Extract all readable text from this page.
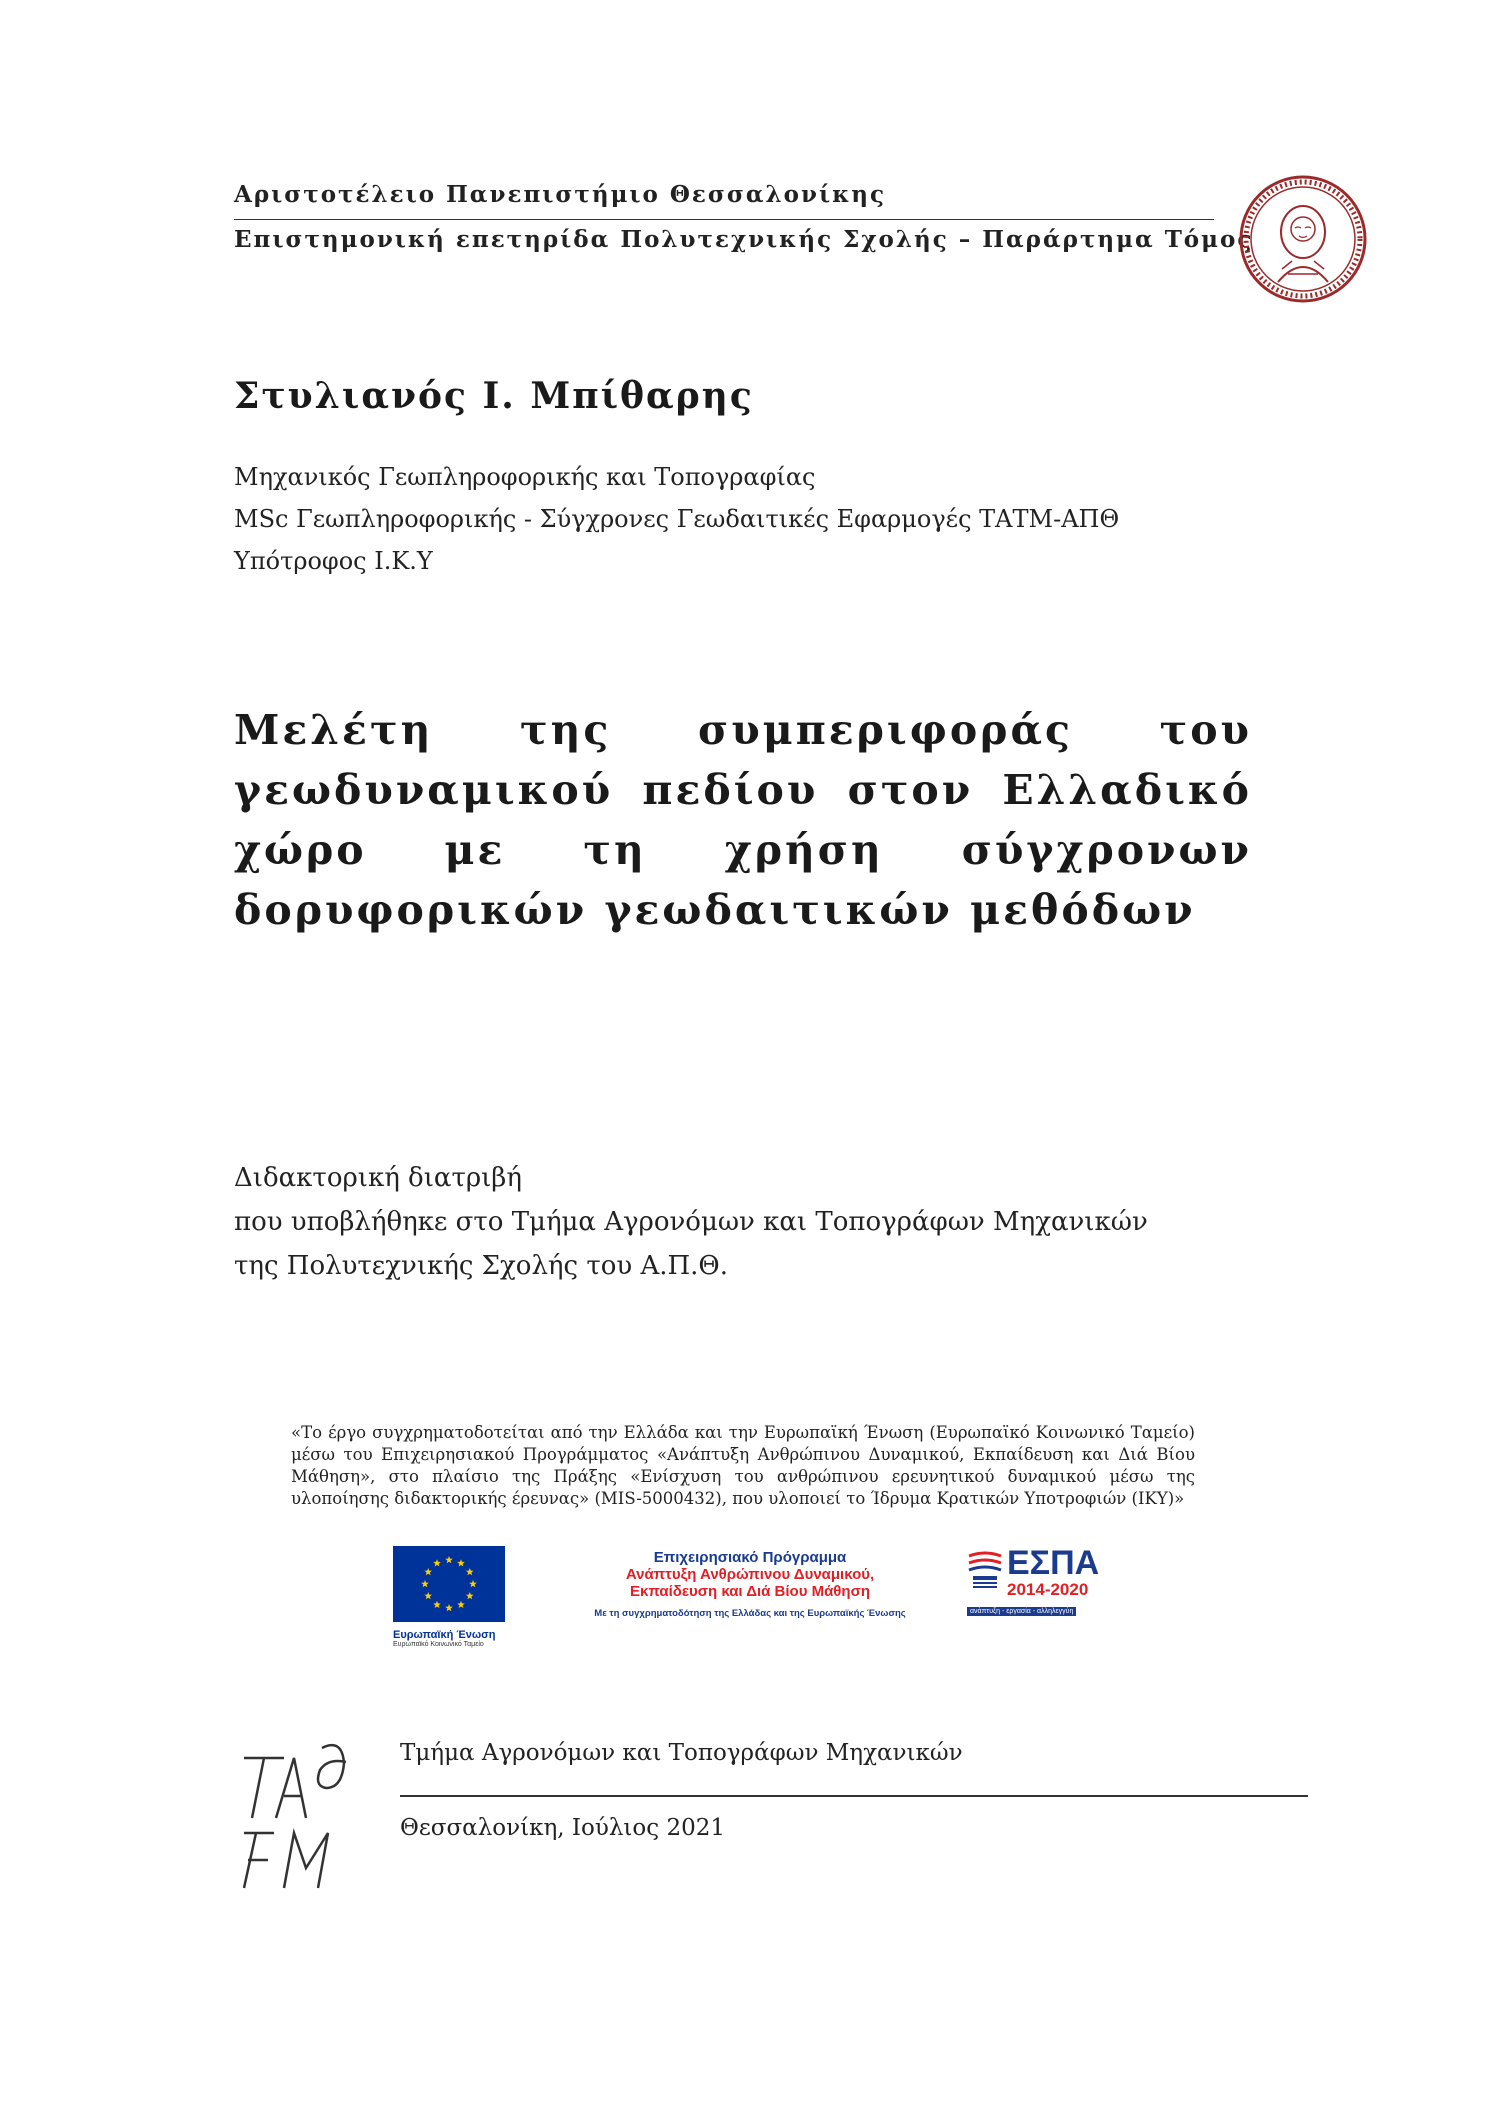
Αριστοτέλειο Πανεπιστήμιο Θεσσαλονίκης
Επιστημονική επετηρίδα Πολυτεχνικής Σχολής – Παράρτημα Τόμος
Στυλιανός Ι. Μπίθαρης
Μηχανικός Γεωπληροφορικής και Τοπογραφίας
MSc Γεωπληροφορικής - Σύγχρονες Γεωδαιτικές Εφαρμογές ΤΑΤΜ-ΑΠΘ
Υπότροφος Ι.Κ.Υ
Μελέτη της συμπεριφοράς του γεωδυναμικού πεδίου στον Ελλαδικό χώρο με τη χρήση σύγχρονων δορυφορικών γεωδαιτικών μεθόδων
Διδακτορική διατριβή
που υποβλήθηκε στο Τμήμα Αγρονόμων και Τοπογράφων Μηχανικών
της Πολυτεχνικής Σχολής του Α.Π.Θ.
«Το έργο συγχρηματοδοτείται από την Ελλάδα και την Ευρωπαϊκή Ένωση (Ευρωπαϊκό Κοινωνικό Ταμείο) μέσω του Επιχειρησιακού Προγράμματος «Ανάπτυξη Ανθρώπινου Δυναμικού, Εκπαίδευση και Διά Βίου Μάθηση», στο πλαίσιο της Πράξης «Ενίσχυση του ανθρώπινου ερευνητικού δυναμικού μέσω της υλοποίησης διδακτορικής έρευνας» (MIS-5000432), που υλοποιεί το Ίδρυμα Κρατικών Υποτροφιών (ΙΚΥ)»
Ευρωπαϊκή Ένωση
Ευρωπαϊκό Κοινωνικό Ταμείο
Επιχειρησιακό Πρόγραμμα
Ανάπτυξη Ανθρώπινου Δυναμικού,
Εκπαίδευση και Διά Βίου Μάθηση
Με τη συγχρηματοδότηση της Ελλάδας και της Ευρωπαϊκής Ένωσης
ΕΣΠΑ
2014-2020
ανάπτυξη - εργασία - αλληλεγγύη
Τμήμα Αγρονόμων και Τοπογράφων Μηχανικών
Θεσσαλονίκη, Ιούλιος 2021
